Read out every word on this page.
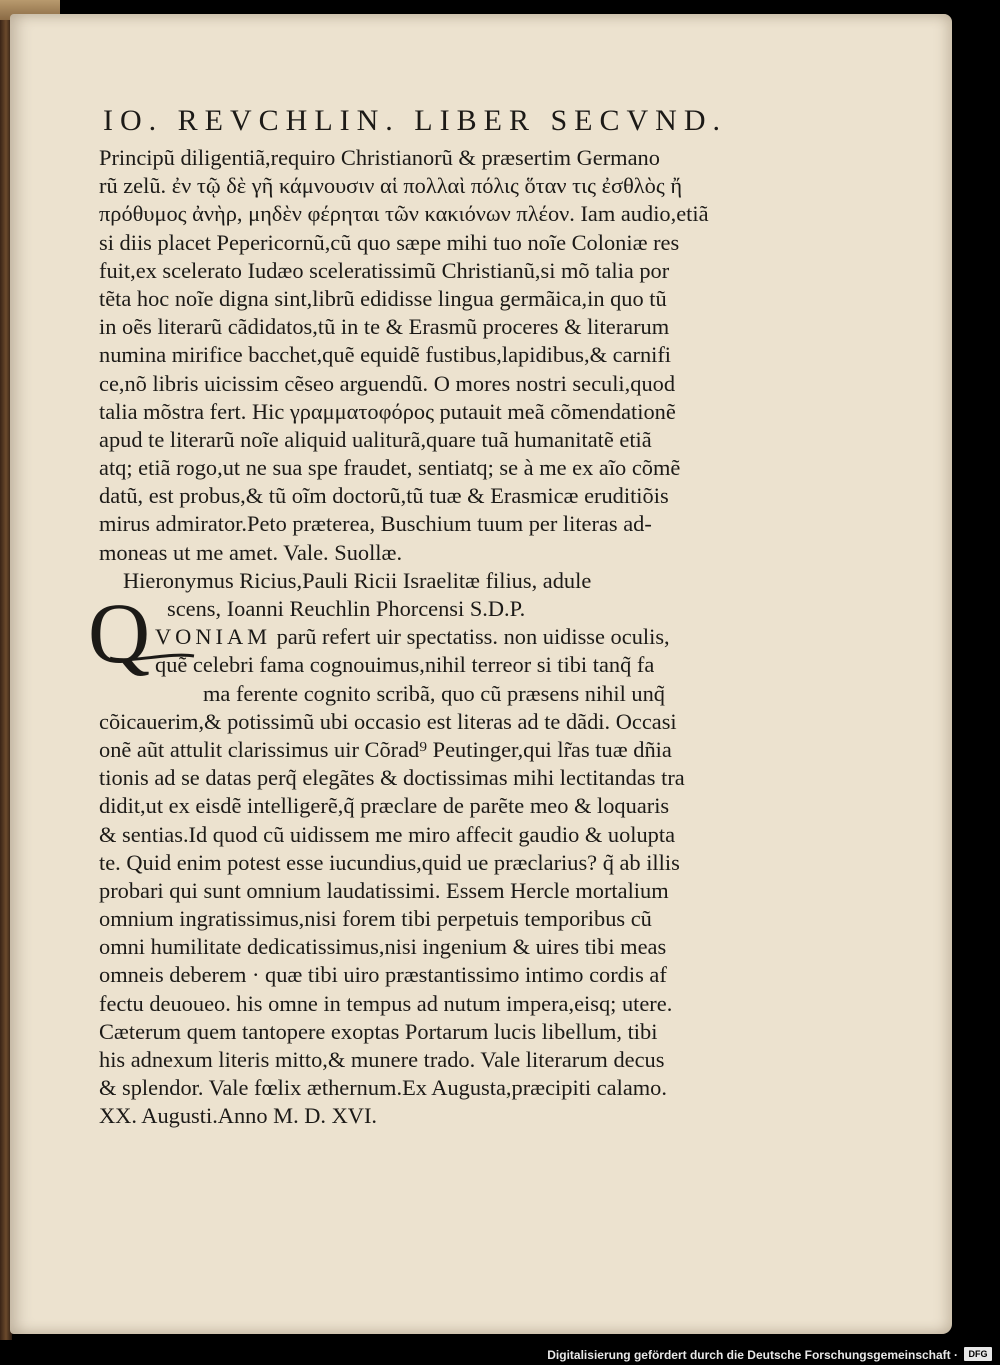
IO. REVCHLIN. LIBER SECVND.
Principũ diligentiã,requiro Christianorũ & præsertim Germano
rũ zelũ. ἐν τῷ δὲ γῆ κάμνουσιν αἱ πολλαὶ πόλις ὅταν τις ἐσθλὸς ἤ
πρόθυμος ἀνὴρ, μηδὲν φέρηται τῶν κακιόνων πλέον. Iam audio,etiã
si diis placet Pepericornũ,cũ quo sæpe mihi tuo noĩe Coloniæ res
fuit,ex scelerato Iudæo sceleratissimũ Christianũ,si mõ talia por
tẽta hoc noĩe digna sint,librũ edidisse lingua germãica,in quo tũ
in oẽs literarũ cãdidatos,tũ in te & Erasmũ proceres & literarum
numina mirifice bacchet,quẽ equidẽ fustibus,lapidibus,& carnifi
ce,nõ libris uicissim cẽseo arguendũ. O mores nostri seculi,quod
talia mõstra fert. Hic γραμματοφόρος putauit meã cõmendationẽ
apud te literarũ noĩe aliquid ualiturã,quare tuã humanitatẽ etiã
atq; etiã rogo,ut ne sua spe fraudet, sentiatq; se à me ex aĩo cõmẽ
datũ, est probus,& tũ oĩm doctorũ,tũ tuæ & Erasmicæ eruditiõis
mirus admirator.Peto præterea, Buschium tuum per literas ad-
moneas ut me amet. Vale. Suollæ.
Hieronymus Ricius,Pauli Ricii Israelitæ filius, adule
scens, Ioanni Reuchlin Phorcensi S.D.P.
VONIAM parũ refert uir spectatiss. non uidisse oculis,
quẽ celebri fama cognouimus,nihil terreor si tibi tanq̃ fa
ma ferente cognito scribã, quo cũ præsens nihil unq̃
cõicauerim,& potissimũ ubi occasio est literas ad te dãdi. Occasi
onẽ aũt attulit clarissimus uir Cõrad⁹ Peutinger,qui lr̃as tuæ dñia
tionis ad se datas perq̃ elegãtes & doctissimas mihi lectitandas tra
didit,ut ex eisdẽ intelligerẽ,q̃ præclare de parẽte meo & loquaris
& sentias.Id quod cũ uidissem me miro affecit gaudio & uolupta
te. Quid enim potest esse iucundius,quid ue præclarius? q̃ ab illis
probari qui sunt omnium laudatissimi. Essem Hercle mortalium
omnium ingratissimus,nisi forem tibi perpetuis temporibus cũ
omni humilitate dedicatissimus,nisi ingenium & uires tibi meas
omneis deberem · quæ tibi uiro præstantissimo intimo cordis af
fectu deuoueo. his omne in tempus ad nutum impera,eisq; utere.
Cæterum quem tantopere exoptas Portarum lucis libellum, tibi
his adnexum literis mitto,& munere trado. Vale literarum decus
& splendor. Vale fœlix æthernum.Ex Augusta,præcipiti calamo.
XX. Augusti.Anno M. D. XVI.
Q
Digitalisierung gefördert durch die Deutsche Forschungsgemeinschaft ·	DFG
